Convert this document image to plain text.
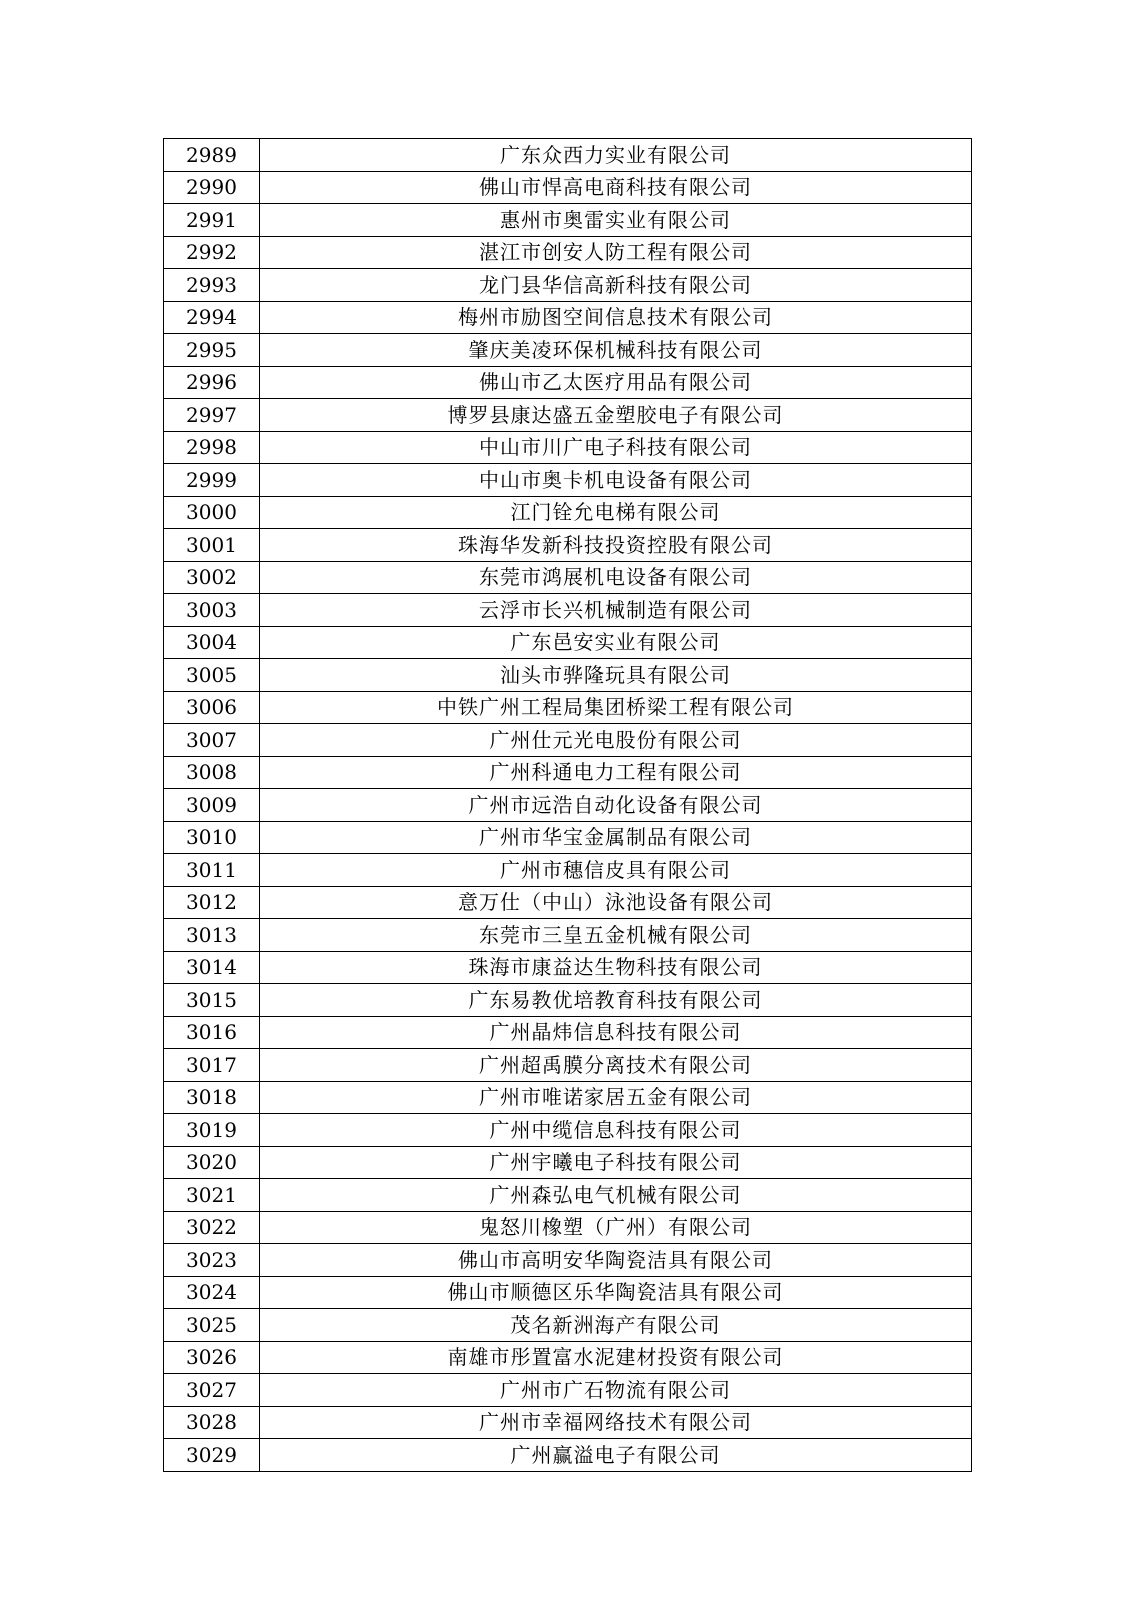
2989	广东众西力实业有限公司
2990	佛山市悍高电商科技有限公司
2991	惠州市奥雷实业有限公司
2992	湛江市创安人防工程有限公司
2993	龙门县华信高新科技有限公司
2994	梅州市励图空间信息技术有限公司
2995	肇庆美凌环保机械科技有限公司
2996	佛山市乙太医疗用品有限公司
2997	博罗县康达盛五金塑胶电子有限公司
2998	中山市川广电子科技有限公司
2999	中山市奥卡机电设备有限公司
3000	江门铨允电梯有限公司
3001	珠海华发新科技投资控股有限公司
3002	东莞市鸿展机电设备有限公司
3003	云浮市长兴机械制造有限公司
3004	广东邑安实业有限公司
3005	汕头市骅隆玩具有限公司
3006	中铁广州工程局集团桥梁工程有限公司
3007	广州仕元光电股份有限公司
3008	广州科通电力工程有限公司
3009	广州市远浩自动化设备有限公司
3010	广州市华宝金属制品有限公司
3011	广州市穗信皮具有限公司
3012	意万仕（中山）泳池设备有限公司
3013	东莞市三皇五金机械有限公司
3014	珠海市康益达生物科技有限公司
3015	广东易教优培教育科技有限公司
3016	广州晶炜信息科技有限公司
3017	广州超禹膜分离技术有限公司
3018	广州市唯诺家居五金有限公司
3019	广州中缆信息科技有限公司
3020	广州宇曦电子科技有限公司
3021	广州森弘电气机械有限公司
3022	鬼怒川橡塑（广州）有限公司
3023	佛山市高明安华陶瓷洁具有限公司
3024	佛山市顺德区乐华陶瓷洁具有限公司
3025	茂名新洲海产有限公司
3026	南雄市彤置富水泥建材投资有限公司
3027	广州市广石物流有限公司
3028	广州市幸福网络技术有限公司
3029	广州赢溢电子有限公司
